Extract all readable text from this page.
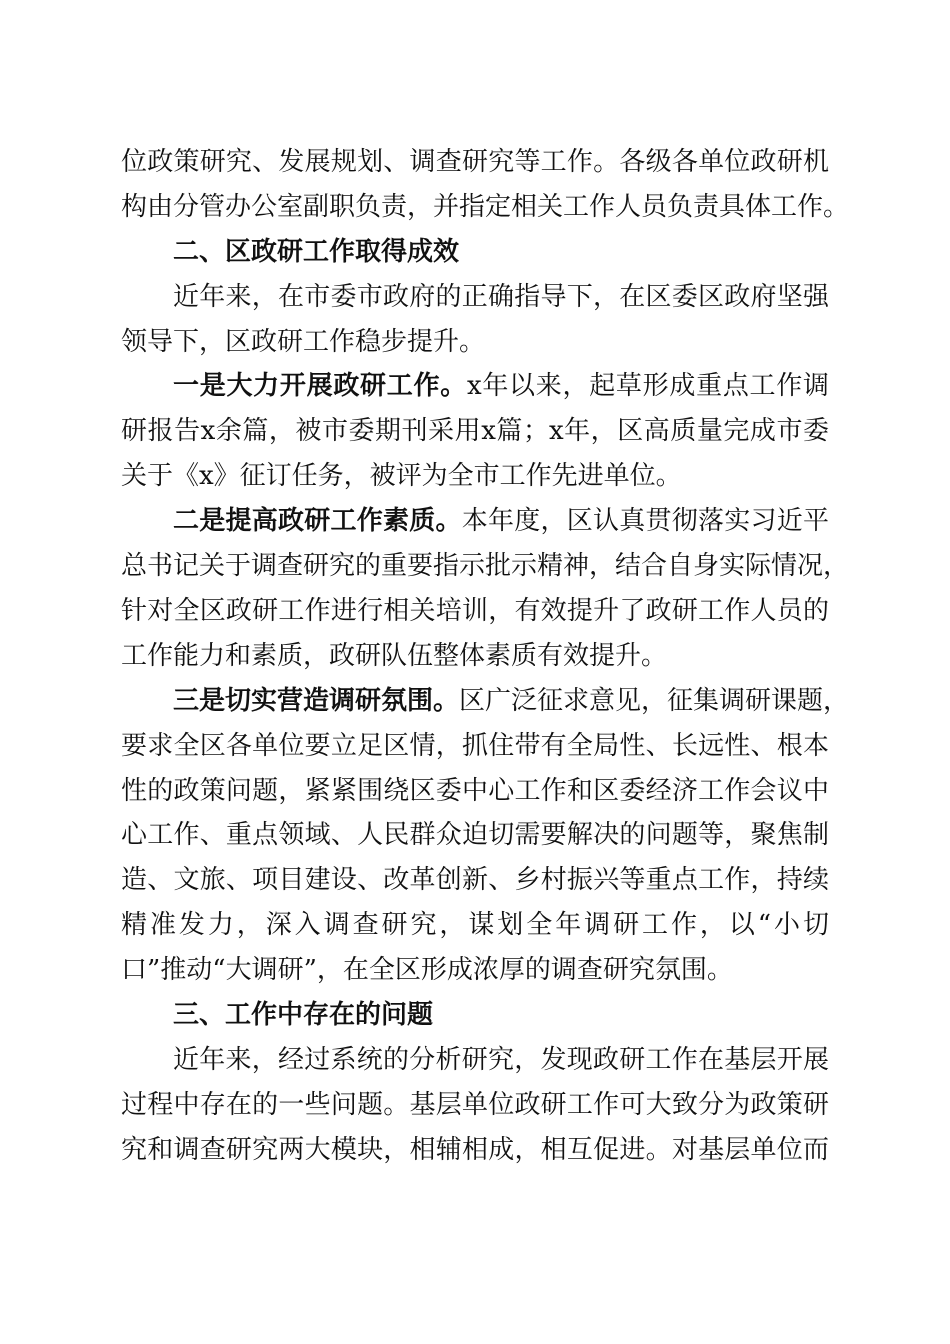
位政策研究、发展规划、调查研究等工作。各级各单位政研机
构由分管办公室副职负责，并指定相关工作人员负责具体工作。
二、区政研工作取得成效
近年来，在市委市政府的正确指导下，在区委区政府坚强
领导下，区政研工作稳步提升。
一是大力开展政研工作。x年以来，起草形成重点工作调
研报告x余篇，被市委期刊采用x篇；x年，区高质量完成市委
关于《x》征订任务，被评为全市工作先进单位。
二是提高政研工作素质。本年度，区认真贯彻落实习近平
总书记关于调查研究的重要指示批示精神，结合自身实际情况，
针对全区政研工作进行相关培训，有效提升了政研工作人员的
工作能力和素质，政研队伍整体素质有效提升。
三是切实营造调研氛围。区广泛征求意见，征集调研课题，
要求全区各单位要立足区情，抓住带有全局性、长远性、根本
性的政策问题，紧紧围绕区委中心工作和区委经济工作会议中
心工作、重点领域、人民群众迫切需要解决的问题等，聚焦制
造、文旅、项目建设、改革创新、乡村振兴等重点工作，持续
精准发力，深入调查研究，谋划全年调研工作，以“小切
口”推动“大调研”，在全区形成浓厚的调查研究氛围。
三、工作中存在的问题
近年来，经过系统的分析研究，发现政研工作在基层开展
过程中存在的一些问题。基层单位政研工作可大致分为政策研
究和调查研究两大模块，相辅相成，相互促进。对基层单位而
